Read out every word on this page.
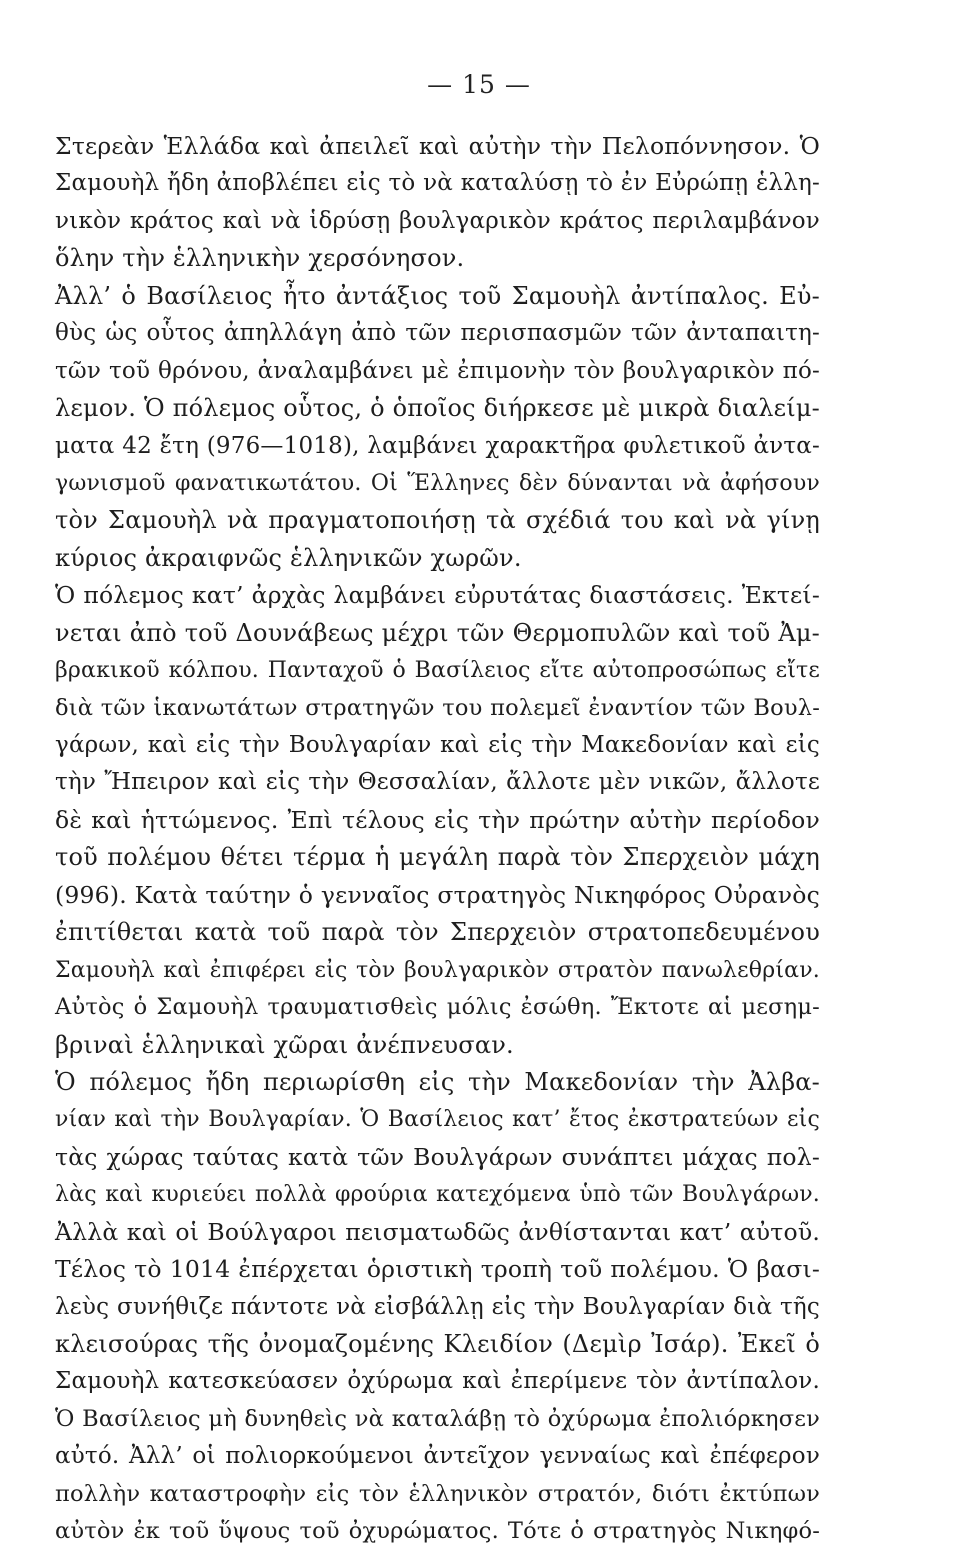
— 15 —
Στερεὰν Ἑλλάδα καὶ ἀπειλεῖ καὶ αὐτὴν τὴν Πελοπόννησον. Ὁ
Σαμουὴλ ἤδη ἀποβλέπει εἰς τὸ νὰ καταλύσῃ τὸ ἐν Εὐρώπῃ ἑλλη-
νικὸν κράτος καὶ νὰ ἱδρύσῃ βουλγαρικὸν κράτος περιλαμβάνον
ὅλην τὴν ἑλληνικὴν χερσόνησον.
Ἀλλ’ ὁ Βασίλειος ἦτο ἀντάξιος τοῦ Σαμουὴλ ἀντίπαλος. Εὐ-
θὺς ὡς οὗτος ἀπηλλάγη ἀπὸ τῶν περισπασμῶν τῶν ἀνταπαιτη-
τῶν τοῦ θρόνου, ἀναλαμβάνει μὲ ἐπιμονὴν τὸν βουλγαρικὸν πό-
λεμον. Ὁ πόλεμος οὗτος, ὁ ὁποῖος διήρκεσε μὲ μικρὰ διαλείμ-
ματα 42 ἔτη (976—1018), λαμβάνει χαρακτῆρα φυλετικοῦ ἀντα-
γωνισμοῦ φανατικωτάτου. Οἱ Ἕλληνες δὲν δύνανται νὰ ἀφήσουν
τὸν Σαμουὴλ νὰ πραγματοποιήσῃ τὰ σχέδιά του καὶ νὰ γίνῃ
κύριος ἀκραιφνῶς ἑλληνικῶν χωρῶν.
Ὁ πόλεμος κατ’ ἀρχὰς λαμβάνει εὐρυτάτας διαστάσεις. Ἐκτεί-
νεται ἀπὸ τοῦ Δουνάβεως μέχρι τῶν Θερμοπυλῶν καὶ τοῦ Ἀμ-
βρακικοῦ κόλπου. Πανταχοῦ ὁ Βασίλειος εἴτε αὐτοπροσώπως εἴτε
διὰ τῶν ἱκανωτάτων στρατηγῶν του πολεμεῖ ἐναντίον τῶν Βουλ-
γάρων, καὶ εἰς τὴν Βουλγαρίαν καὶ εἰς τὴν Μακεδονίαν καὶ εἰς
τὴν Ἤπειρον καὶ εἰς τὴν Θεσσαλίαν, ἄλλοτε μὲν νικῶν, ἄλλοτε
δὲ καὶ ἡττώμενος. Ἐπὶ τέλους εἰς τὴν πρώτην αὐτὴν περίοδον
τοῦ πολέμου θέτει τέρμα ἡ μεγάλη παρὰ τὸν Σπερχειὸν μάχη
(996). Κατὰ ταύτην ὁ γενναῖος στρατηγὸς Νικηφόρος Οὐρανὸς
ἐπιτίθεται κατὰ τοῦ παρὰ τὸν Σπερχειὸν στρατοπεδευμένου
Σαμουὴλ καὶ ἐπιφέρει εἰς τὸν βουλγαρικὸν στρατὸν πανωλεθρίαν.
Αὐτὸς ὁ Σαμουὴλ τραυματισθεὶς μόλις ἐσώθη. Ἔκτοτε αἱ μεσημ-
βριναὶ ἑλληνικαὶ χῶραι ἀνέπνευσαν.
Ὁ πόλεμος ἤδη περιωρίσθη εἰς τὴν Μακεδονίαν τὴν Ἀλβα-
νίαν καὶ τὴν Βουλγαρίαν. Ὁ Βασίλειος κατ’ ἔτος ἐκστρατεύων εἰς
τὰς χώρας ταύτας κατὰ τῶν Βουλγάρων συνάπτει μάχας πολ-
λὰς καὶ κυριεύει πολλὰ φρούρια κατεχόμενα ὑπὸ τῶν Βουλγάρων.
Ἀλλὰ καὶ οἱ Βούλγαροι πεισματωδῶς ἀνθίστανται κατ’ αὐτοῦ.
Τέλος τὸ 1014 ἐπέρχεται ὁριστικὴ τροπὴ τοῦ πολέμου. Ὁ βασι-
λεὺς συνήθιζε πάντοτε νὰ εἰσβάλλῃ εἰς τὴν Βουλγαρίαν διὰ τῆς
κλεισούρας τῆς ὀνομαζομένης Κλειδίον (Δεμὶρ Ἰσάρ). Ἐκεῖ ὁ
Σαμουὴλ κατεσκεύασεν ὀχύρωμα καὶ ἐπερίμενε τὸν ἀντίπαλον.
Ὁ Βασίλειος μὴ δυνηθεὶς νὰ καταλάβῃ τὸ ὀχύρωμα ἐπολιόρκησεν
αὐτό. Ἀλλ’ οἱ πολιορκούμενοι ἀντεῖχον γενναίως καὶ ἐπέφερον
πολλὴν καταστροφὴν εἰς τὸν ἑλληνικὸν στρατόν, διότι ἐκτύπων
αὐτὸν ἐκ τοῦ ὕψους τοῦ ὀχυρώματος. Τότε ὁ στρατηγὸς Νικηφό-
